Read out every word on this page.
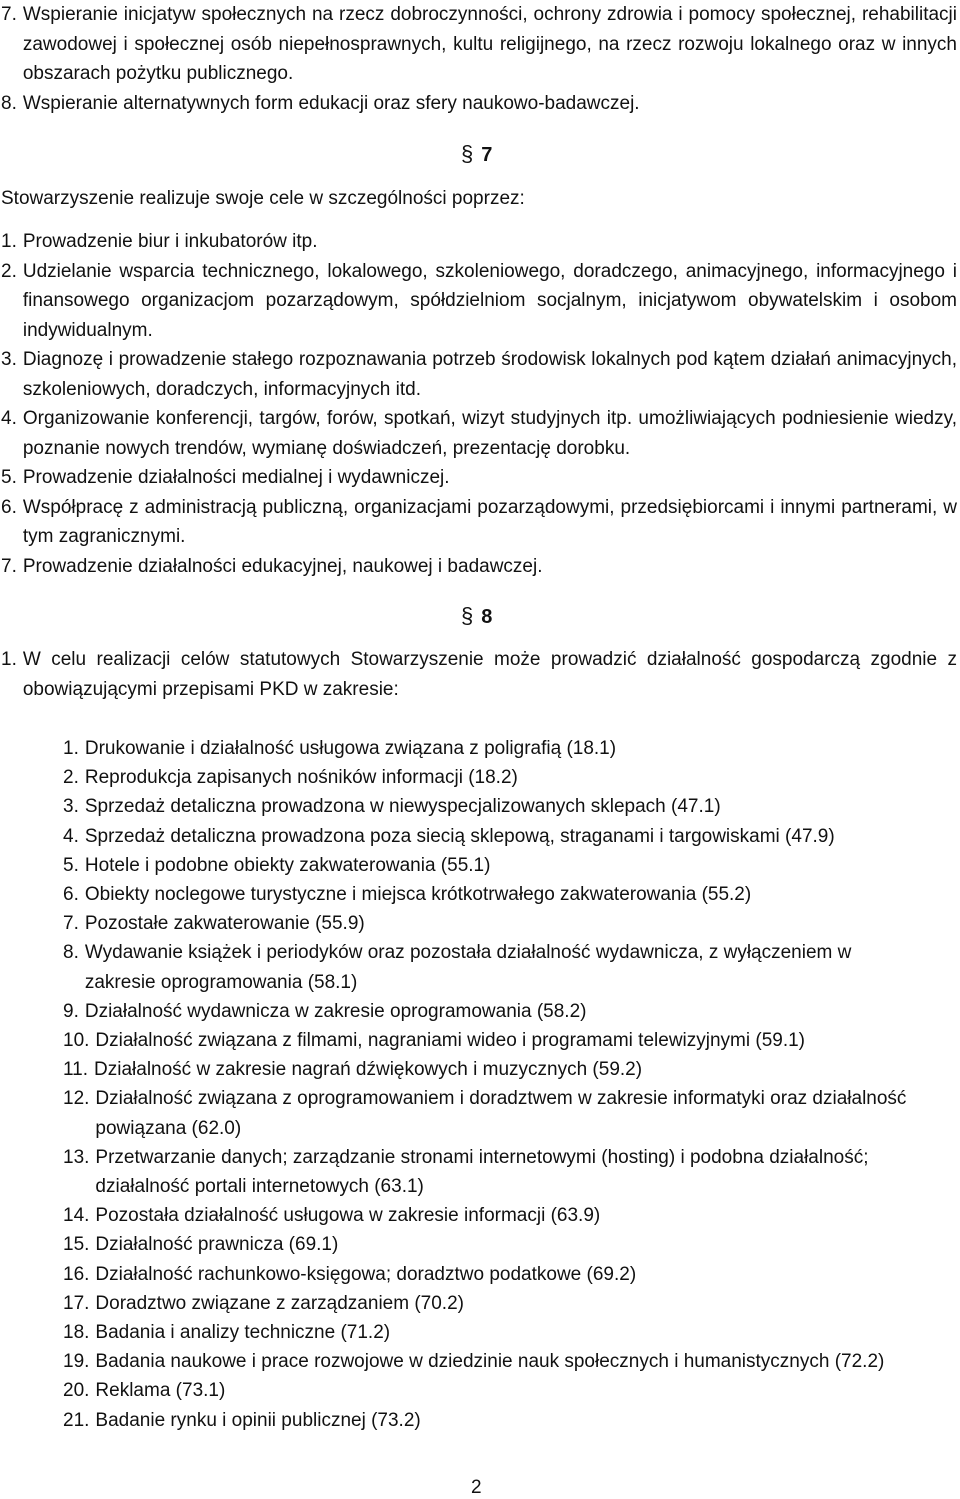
7. Wspieranie inicjatyw społecznych na rzecz dobroczynności, ochrony zdrowia i pomocy społecznej, rehabilitacji zawodowej i społecznej osób niepełnosprawnych, kultu religijnego, na rzecz rozwoju lokalnego oraz w innych obszarach pożytku publicznego.
8. Wspieranie alternatywnych form edukacji oraz sfery naukowo-badawczej.
§ 7
Stowarzyszenie realizuje swoje cele w szczególności poprzez:
1. Prowadzenie biur i inkubatorów itp.
2. Udzielanie wsparcia technicznego, lokalowego, szkoleniowego, doradczego, animacyjnego, informacyjnego i finansowego organizacjom pozarządowym, spółdzielniom socjalnym, inicjatywom obywatelskim i osobom indywidualnym.
3. Diagnozę i prowadzenie stałego rozpoznawania potrzeb środowisk lokalnych pod kątem działań animacyjnych, szkoleniowych, doradczych, informacyjnych itd.
4. Organizowanie konferencji, targów, forów, spotkań, wizyt studyjnych itp. umożliwiających podniesienie wiedzy, poznanie nowych trendów, wymianę doświadczeń, prezentację dorobku.
5. Prowadzenie działalności medialnej i wydawniczej.
6. Współpracę z administracją publiczną, organizacjami pozarządowymi, przedsiębiorcami i innymi partnerami, w tym zagranicznymi.
7. Prowadzenie działalności edukacyjnej, naukowej i badawczej.
§ 8
1. W celu realizacji celów statutowych Stowarzyszenie może prowadzić działalność gospodarczą zgodnie z obowiązującymi przepisami PKD w zakresie:
1. Drukowanie i działalność usługowa związana z poligrafią (18.1)
2. Reprodukcja zapisanych nośników informacji (18.2)
3. Sprzedaż detaliczna prowadzona w niewyspecjalizowanych sklepach (47.1)
4. Sprzedaż detaliczna prowadzona poza siecią sklepową, straganami i targowiskami (47.9)
5. Hotele i podobne obiekty zakwaterowania (55.1)
6. Obiekty noclegowe turystyczne i miejsca krótkotrwałego zakwaterowania (55.2)
7. Pozostałe zakwaterowanie (55.9)
8. Wydawanie książek i periodyków oraz pozostała działalność wydawnicza, z wyłączeniem w zakresie oprogramowania (58.1)
9. Działalność wydawnicza w zakresie oprogramowania (58.2)
10. Działalność związana z filmami, nagraniami wideo i programami telewizyjnymi (59.1)
11. Działalność w zakresie nagrań dźwiękowych i muzycznych (59.2)
12. Działalność związana z oprogramowaniem i doradztwem w zakresie informatyki oraz działalność powiązana (62.0)
13. Przetwarzanie danych; zarządzanie stronami internetowymi (hosting) i podobna działalność; działalność portali internetowych (63.1)
14. Pozostała działalność usługowa w zakresie informacji (63.9)
15. Działalność prawnicza (69.1)
16. Działalność rachunkowo-księgowa; doradztwo podatkowe (69.2)
17. Doradztwo związane z zarządzaniem (70.2)
18. Badania i analizy techniczne (71.2)
19. Badania naukowe i prace rozwojowe w dziedzinie nauk społecznych i humanistycznych (72.2)
20. Reklama (73.1)
21. Badanie rynku i opinii publicznej (73.2)
2
